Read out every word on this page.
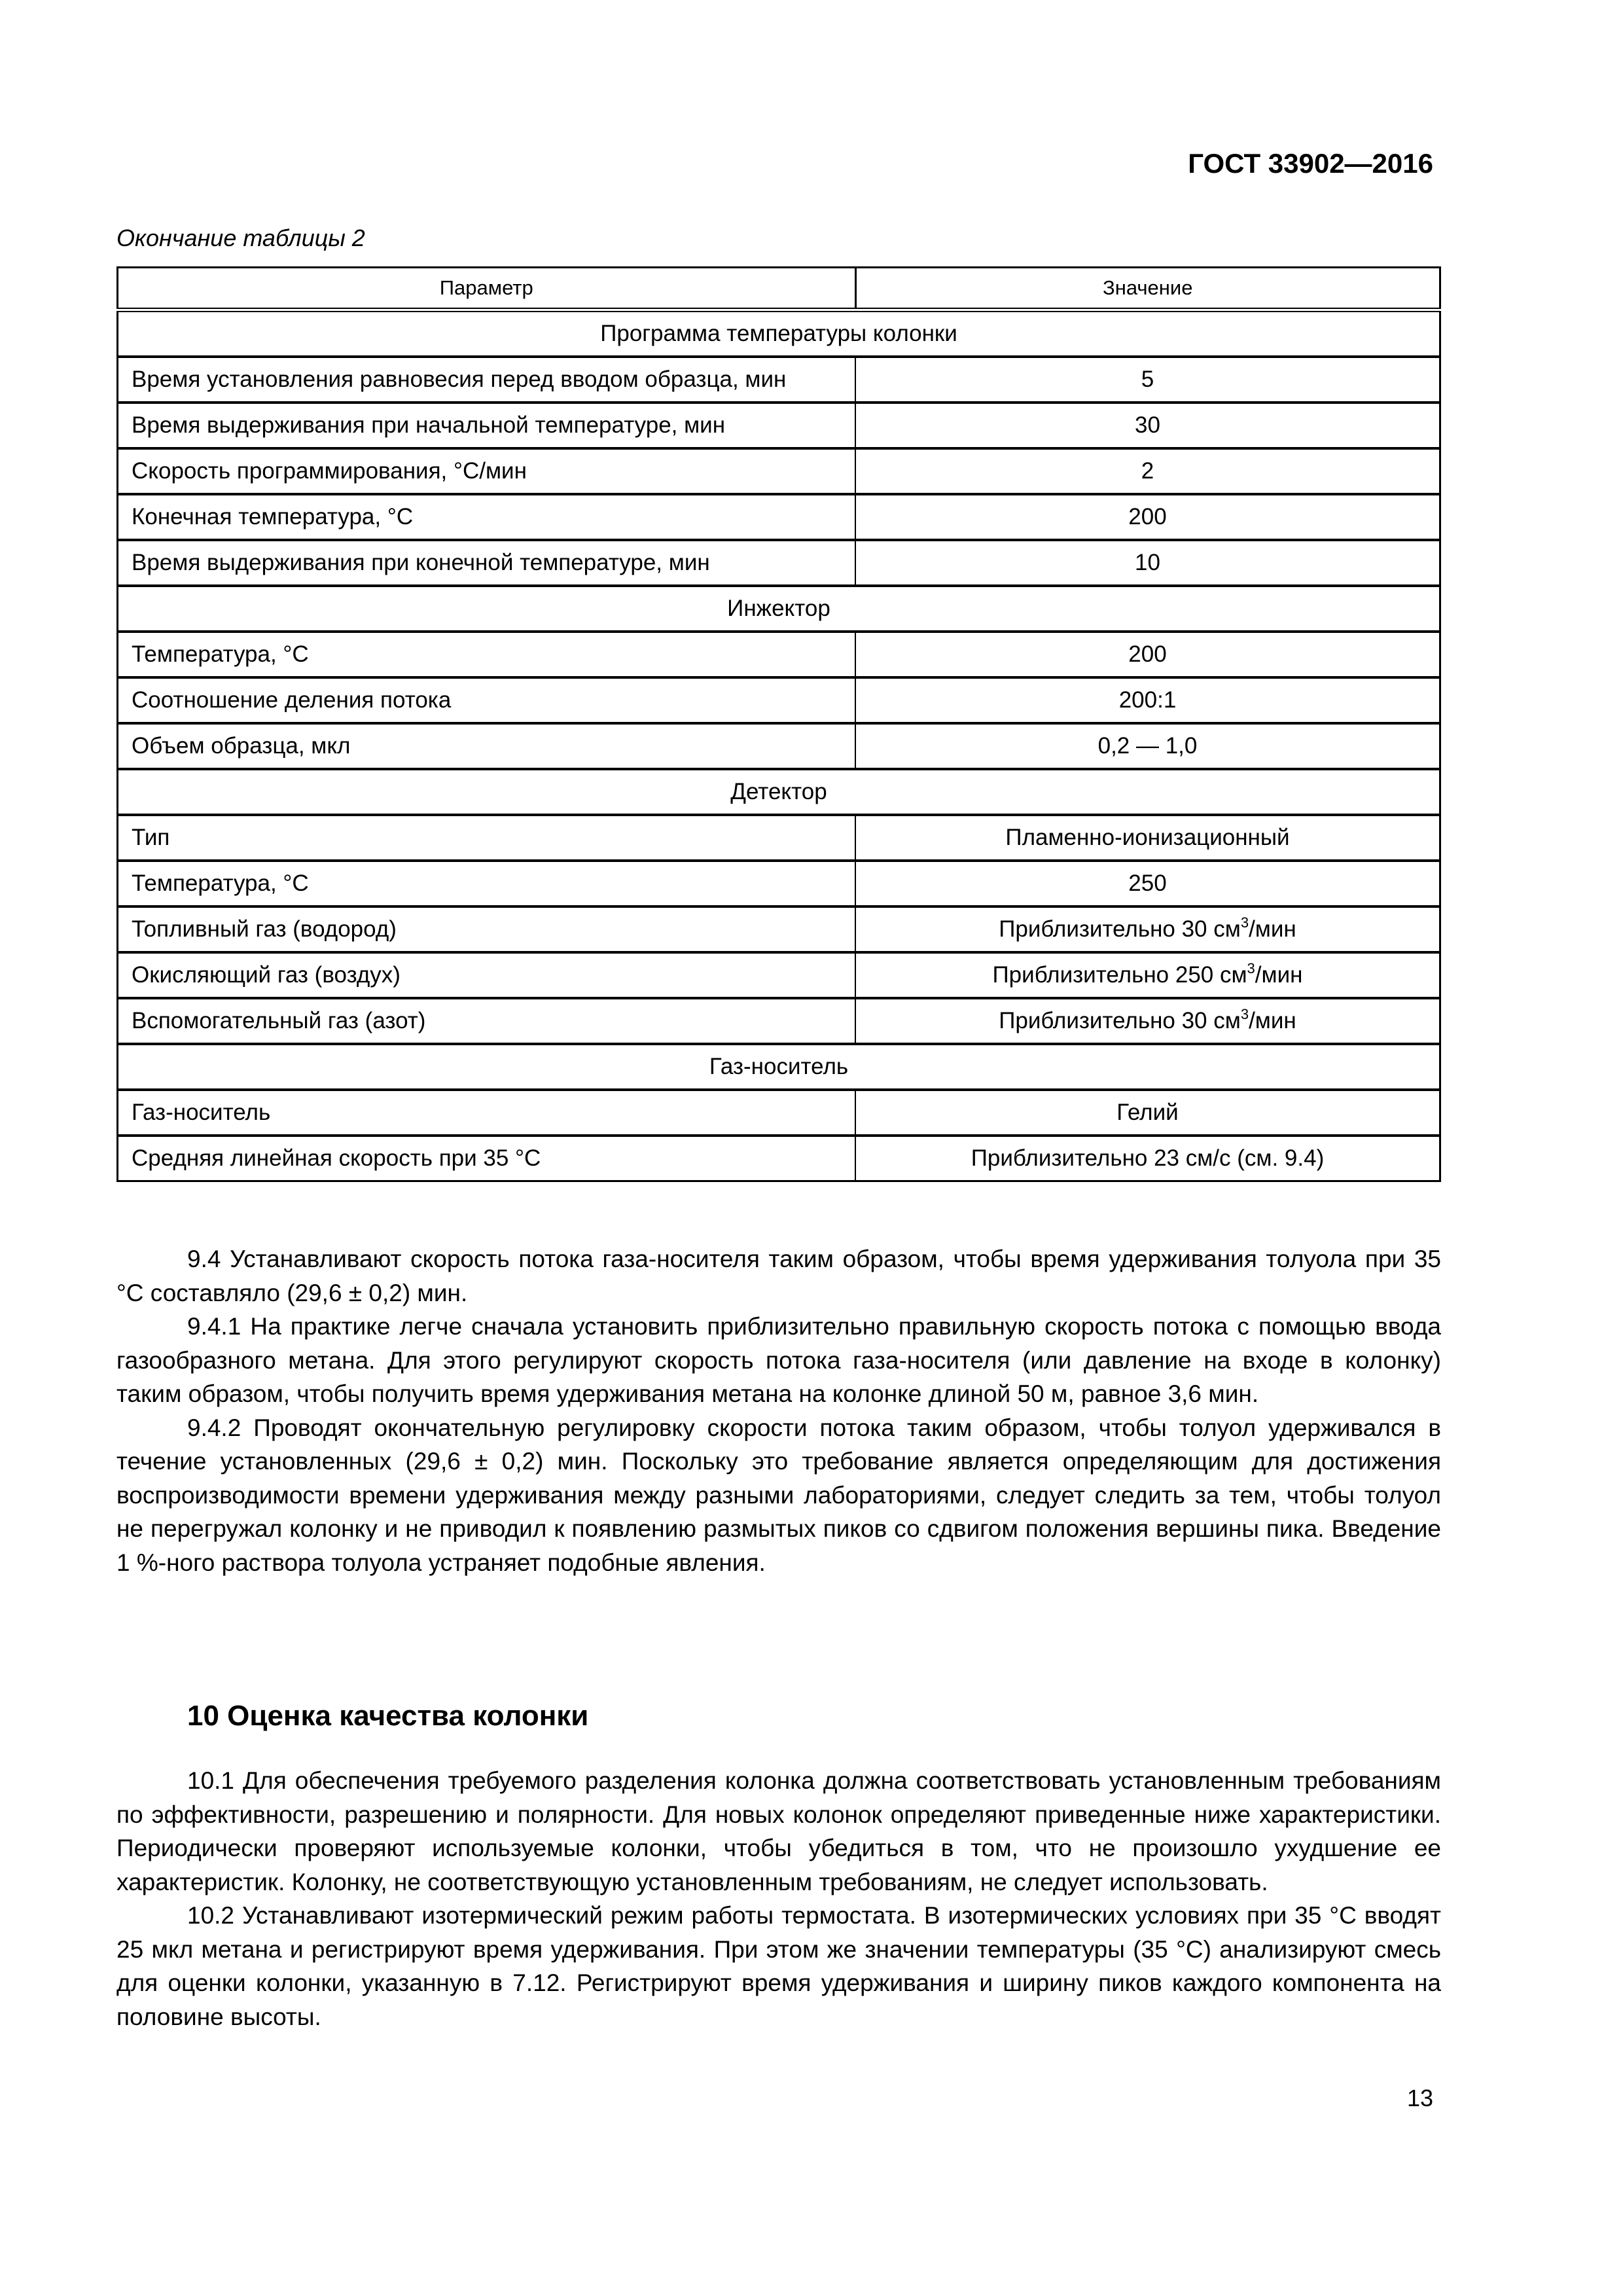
ГОСТ 33902—2016
Окончание таблицы 2
Параметр	Значение
Программа температуры колонки	
Время установления равновесия перед вводом образца, мин	5
Время выдерживания при начальной температуре, мин	30
Скорость программирования, °С/мин	2
Конечная температура, °С	200
Время выдерживания при конечной температуре, мин	10
Инжектор	
Температура, °С	200
Соотношение деления потока	200:1
Объем образца, мкл	0,2 — 1,0
Детектор	
Тип	Пламенно-ионизационный
Температура, °С	250
Топливный газ (водород)	Приблизительно 30 $см^3$/мин
Окисляющий газ (воздух)	Приблизительно 250 $см^3$/мин
Вспомогательный газ (азот)	Приблизительно 30 $см^3$/мин
Газ-носитель	
Газ-носитель	Гелий
Средняя линейная скорость при 35 °С	Приблизительно 23 см/с (см. 9.4)

9.4 Устанавливают скорость потока газа-носителя таким образом, чтобы время удерживания толуола при 35 °С составляло (29,6 ± 0,2) мин.

9.4.1 На практике легче сначала установить приблизительно правильную скорость потока с помощью ввода газообразного метана. Для этого регулируют скорость потока газа-носителя (или давление на входе в колонку) таким образом, чтобы получить время удерживания метана на колонке длиной 50 м, равное 3,6 мин.

9.4.2 Проводят окончательную регулировку скорости потока таким образом, чтобы толуол удерживался в течение установленных (29,6 ± 0,2) мин. Поскольку это требование является определяющим для достижения воспроизводимости времени удерживания между разными лабораториями, следует следить за тем, чтобы толуол не перегружал колонку и не приводил к появлению размытых пиков со сдвигом положения вершины пика. Введение 1 %-ного раствора толуола устраняет подобные явления.

10 Оценка качества колонки

10.1 Для обеспечения требуемого разделения колонка должна соответствовать установленным требованиям по эффективности, разрешению и полярности. Для новых колонок определяют приведенные ниже характеристики. Периодически проверяют используемые колонки, чтобы убедиться в том, что не произошло ухудшение ее характеристик. Колонку, не соответствующую установленным требованиям, не следует использовать.

10.2 Устанавливают изотермический режим работы термостата. В изотермических условиях при 35 °С вводят 25 мкл метана и регистрируют время удерживания. При этом же значении температуры (35 °С) анализируют смесь для оценки колонки, указанную в 7.12. Регистрируют время удерживания и ширину пиков каждого компонента на половине высоты.

13
